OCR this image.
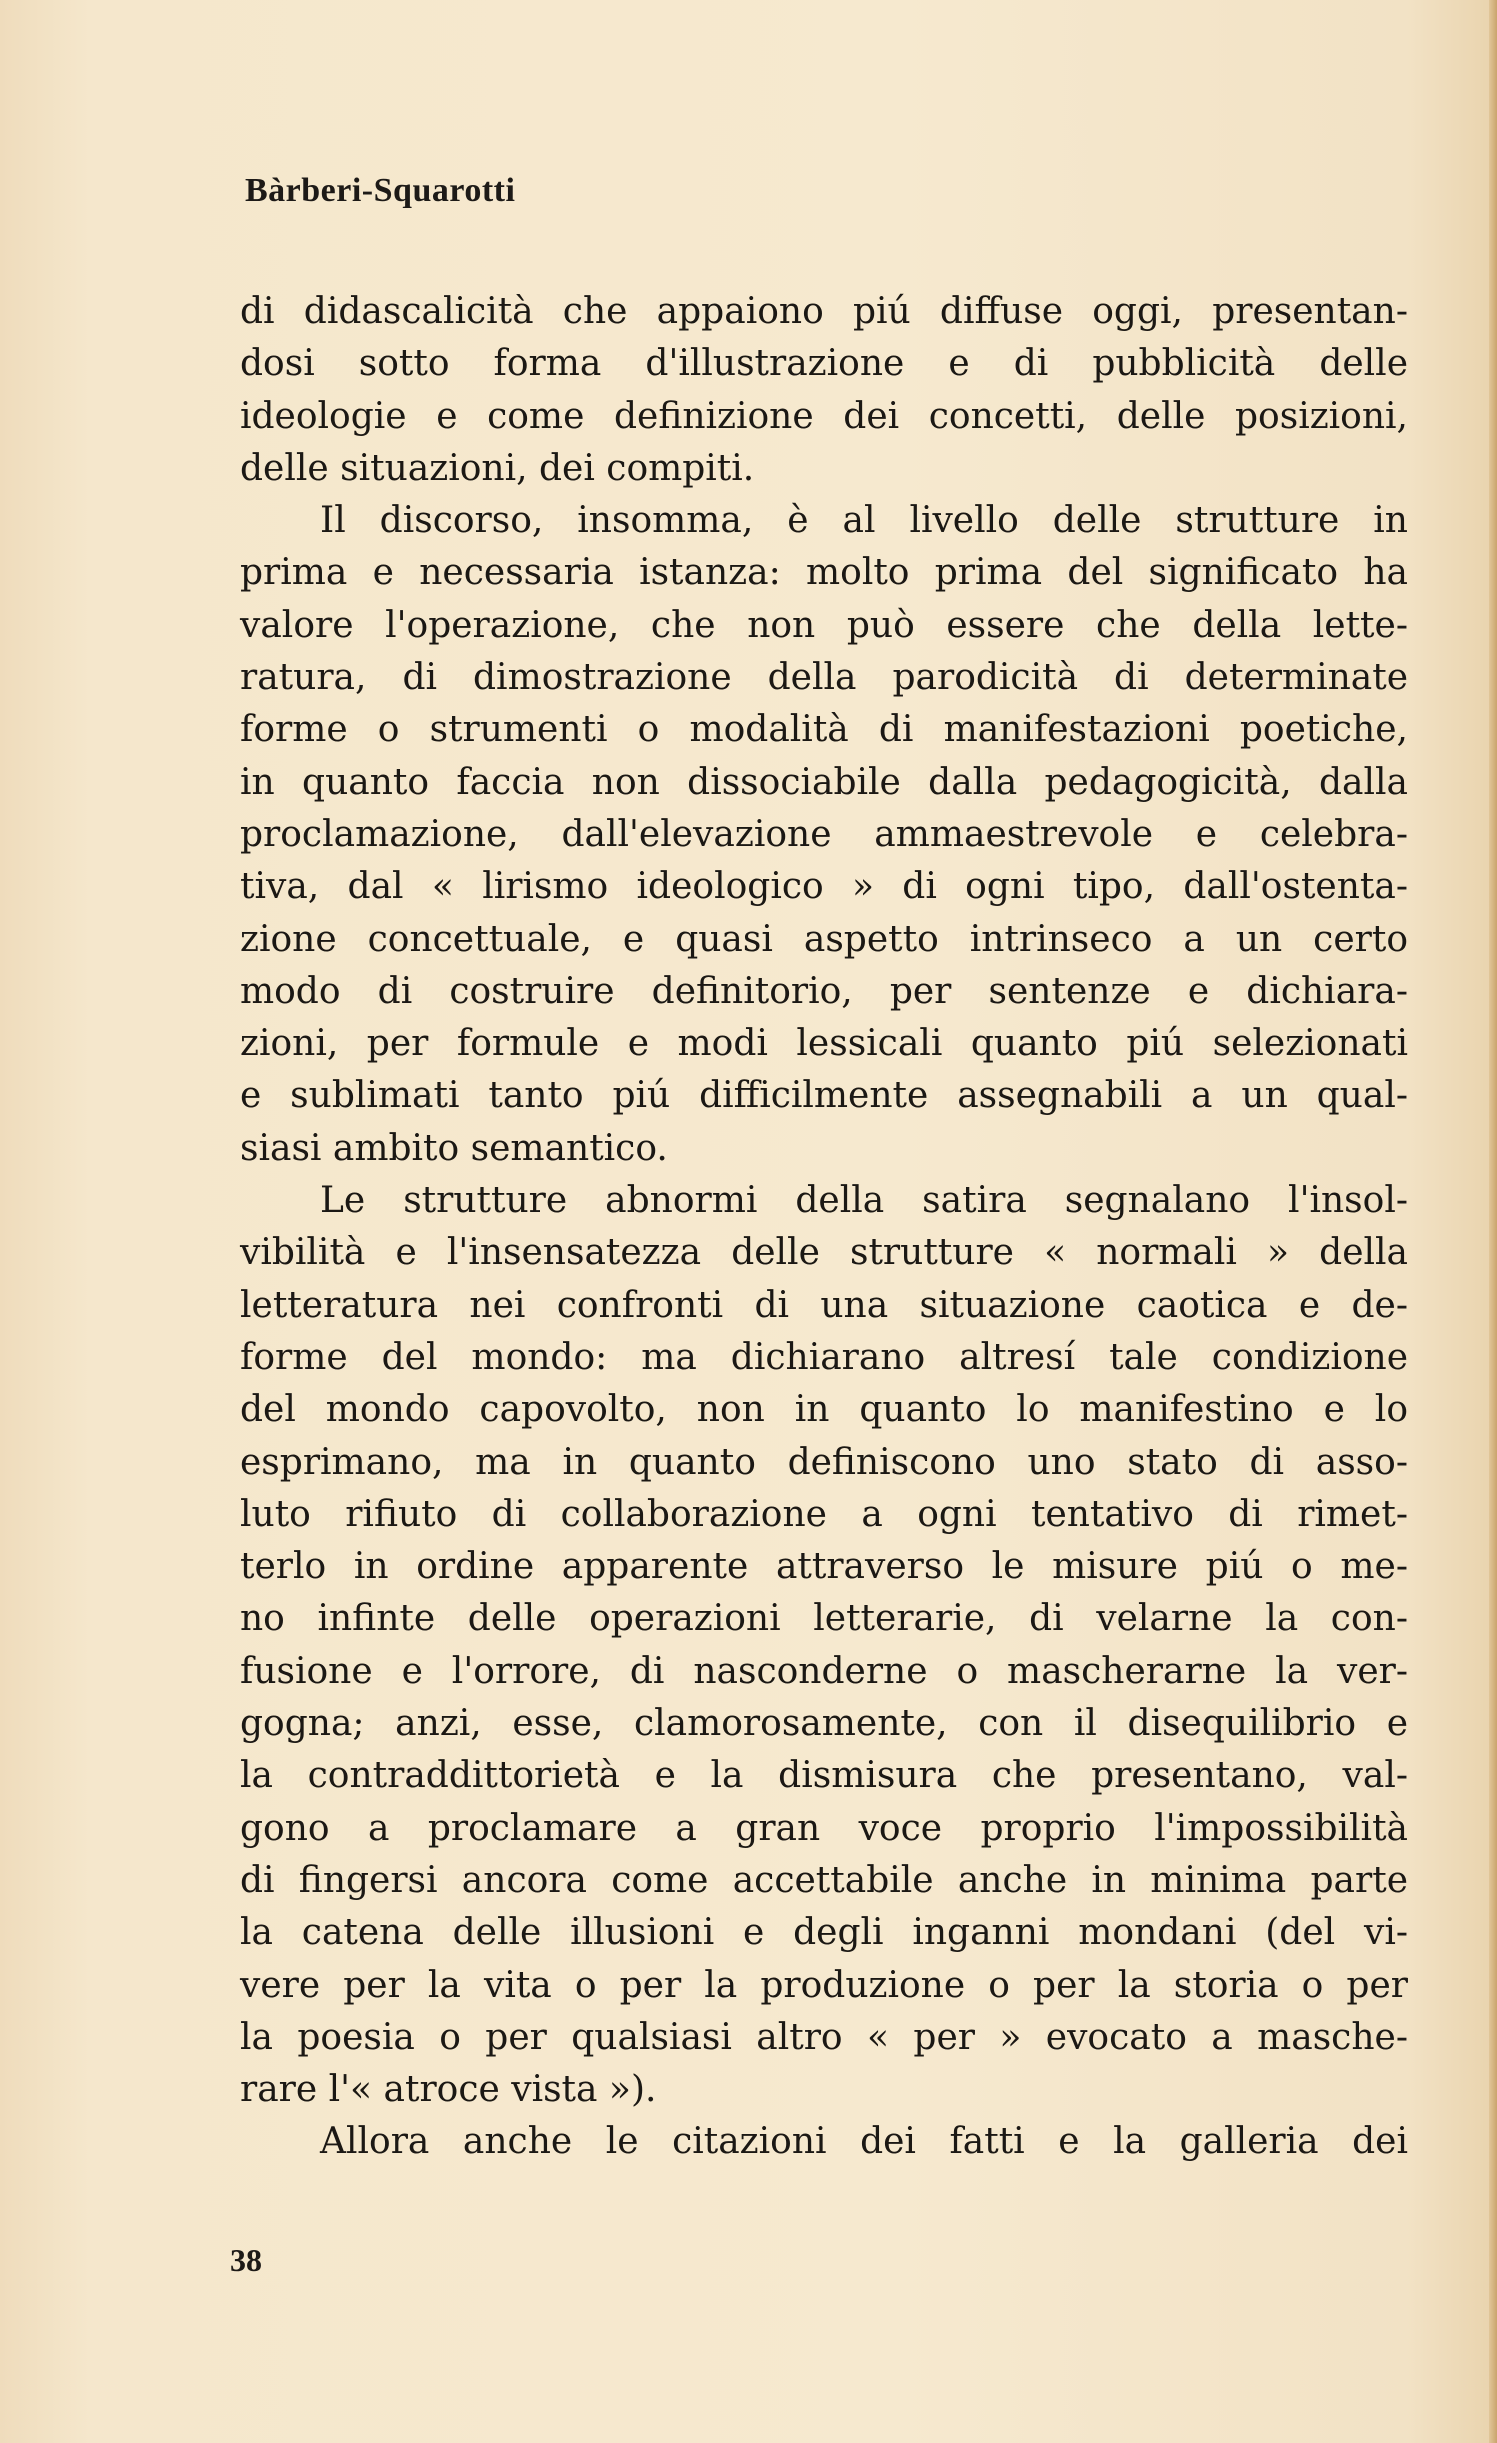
Bàrberi-Squarotti
di didascalicità che appaiono piú diffuse oggi, presentan-
dosi sotto forma d'illustrazione e di pubblicità delle
ideologie e come definizione dei concetti, delle posizioni,
delle situazioni, dei compiti.
Il discorso, insomma, è al livello delle strutture in
prima e necessaria istanza: molto prima del significato ha
valore l'operazione, che non può essere che della lette-
ratura, di dimostrazione della parodicità di determinate
forme o strumenti o modalità di manifestazioni poetiche,
in quanto faccia non dissociabile dalla pedagogicità, dalla
proclamazione, dall'elevazione ammaestrevole e celebra-
tiva, dal « lirismo ideologico » di ogni tipo, dall'ostenta-
zione concettuale, e quasi aspetto intrinseco a un certo
modo di costruire definitorio, per sentenze e dichiara-
zioni, per formule e modi lessicali quanto piú selezionati
e sublimati tanto piú difficilmente assegnabili a un qual-
siasi ambito semantico.
Le strutture abnormi della satira segnalano l'insol-
vibilità e l'insensatezza delle strutture « normali » della
letteratura nei confronti di una situazione caotica e de-
forme del mondo: ma dichiarano altresí tale condizione
del mondo capovolto, non in quanto lo manifestino e lo
esprimano, ma in quanto definiscono uno stato di asso-
luto rifiuto di collaborazione a ogni tentativo di rimet-
terlo in ordine apparente attraverso le misure piú o me-
no infinte delle operazioni letterarie, di velarne la con-
fusione e l'orrore, di nasconderne o mascherarne la ver-
gogna; anzi, esse, clamorosamente, con il disequilibrio e
la contraddittorietà e la dismisura che presentano, val-
gono a proclamare a gran voce proprio l'impossibilità
di fingersi ancora come accettabile anche in minima parte
la catena delle illusioni e degli inganni mondani (del vi-
vere per la vita o per la produzione o per la storia o per
la poesia o per qualsiasi altro « per » evocato a masche-
rare l'« atroce vista »).
Allora anche le citazioni dei fatti e la galleria dei

38
